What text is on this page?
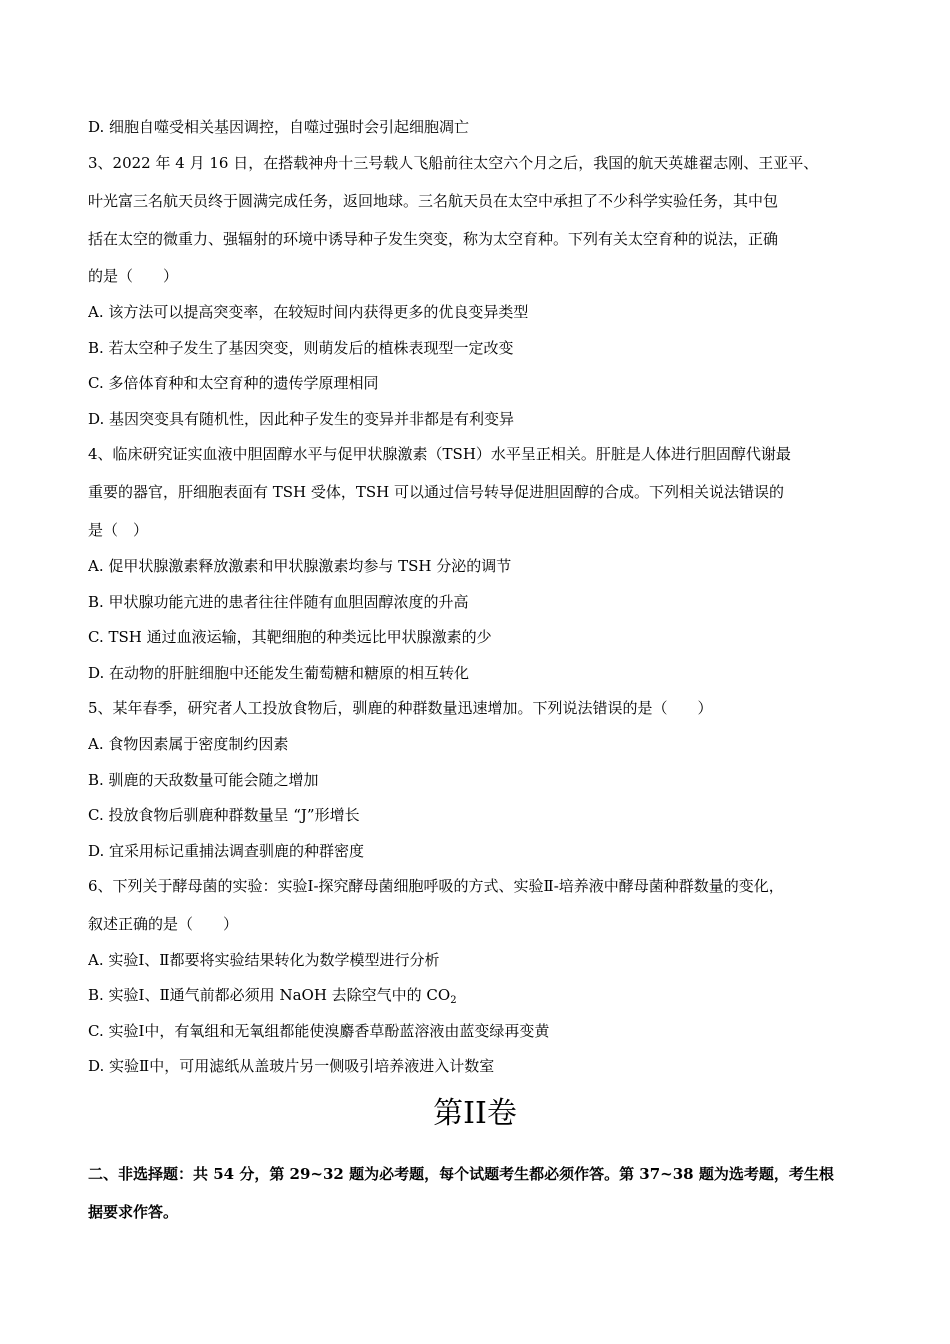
D. 细胞自噬受相关基因调控，自噬过强时会引起细胞凋亡
3、2022 年 4 月 16 日，在搭载神舟十三号载人飞船前往太空六个月之后，我国的航天英雄翟志刚、王亚平、
叶光富三名航天员终于圆满完成任务，返回地球。三名航天员在太空中承担了不少科学实验任务，其中包
括在太空的微重力、强辐射的环境中诱导种子发生突变，称为太空育种。下列有关太空育种的说法，正确
的是（　　）
A. 该方法可以提高突变率，在较短时间内获得更多的优良变异类型
B. 若太空种子发生了基因突变，则萌发后的植株表现型一定改变
C. 多倍体育种和太空育种的遗传学原理相同
D. 基因突变具有随机性，因此种子发生的变异并非都是有利变异
4、临床研究证实血液中胆固醇水平与促甲状腺激素（TSH）水平呈正相关。肝脏是人体进行胆固醇代谢最
重要的器官，肝细胞表面有 TSH 受体，TSH 可以通过信号转导促进胆固醇的合成。下列相关说法错误的
是（　）
A. 促甲状腺激素释放激素和甲状腺激素均参与 TSH 分泌的调节
B. 甲状腺功能亢进的患者往往伴随有血胆固醇浓度的升高
C. TSH 通过血液运输，其靶细胞的种类远比甲状腺激素的少
D. 在动物的肝脏细胞中还能发生葡萄糖和糖原的相互转化
5、某年春季，研究者人工投放食物后，驯鹿的种群数量迅速增加。下列说法错误的是（　　）
A. 食物因素属于密度制约因素
B. 驯鹿的天敌数量可能会随之增加
C. 投放食物后驯鹿种群数量呈 “J”形增长
D. 宜采用标记重捕法调查驯鹿的种群密度
6、下列关于酵母菌的实验：实验Ⅰ-探究酵母菌细胞呼吸的方式、实验Ⅱ-培养液中酵母菌种群数量的变化，
叙述正确的是（　　）
A. 实验Ⅰ、Ⅱ都要将实验结果转化为数学模型进行分析
B. 实验Ⅰ、Ⅱ通气前都必须用 NaOH 去除空气中的 $CO_2$
C. 实验Ⅰ中，有氧组和无氧组都能使溴麝香草酚蓝溶液由蓝变绿再变黄
D. 实验Ⅱ中，可用滤纸从盖玻片另一侧吸引培养液进入计数室
第II卷
二、非选择题：共 54 分，第 29~32 题为必考题，每个试题考生都必须作答。第 37~38 题为选考题，考生根
据要求作答。
